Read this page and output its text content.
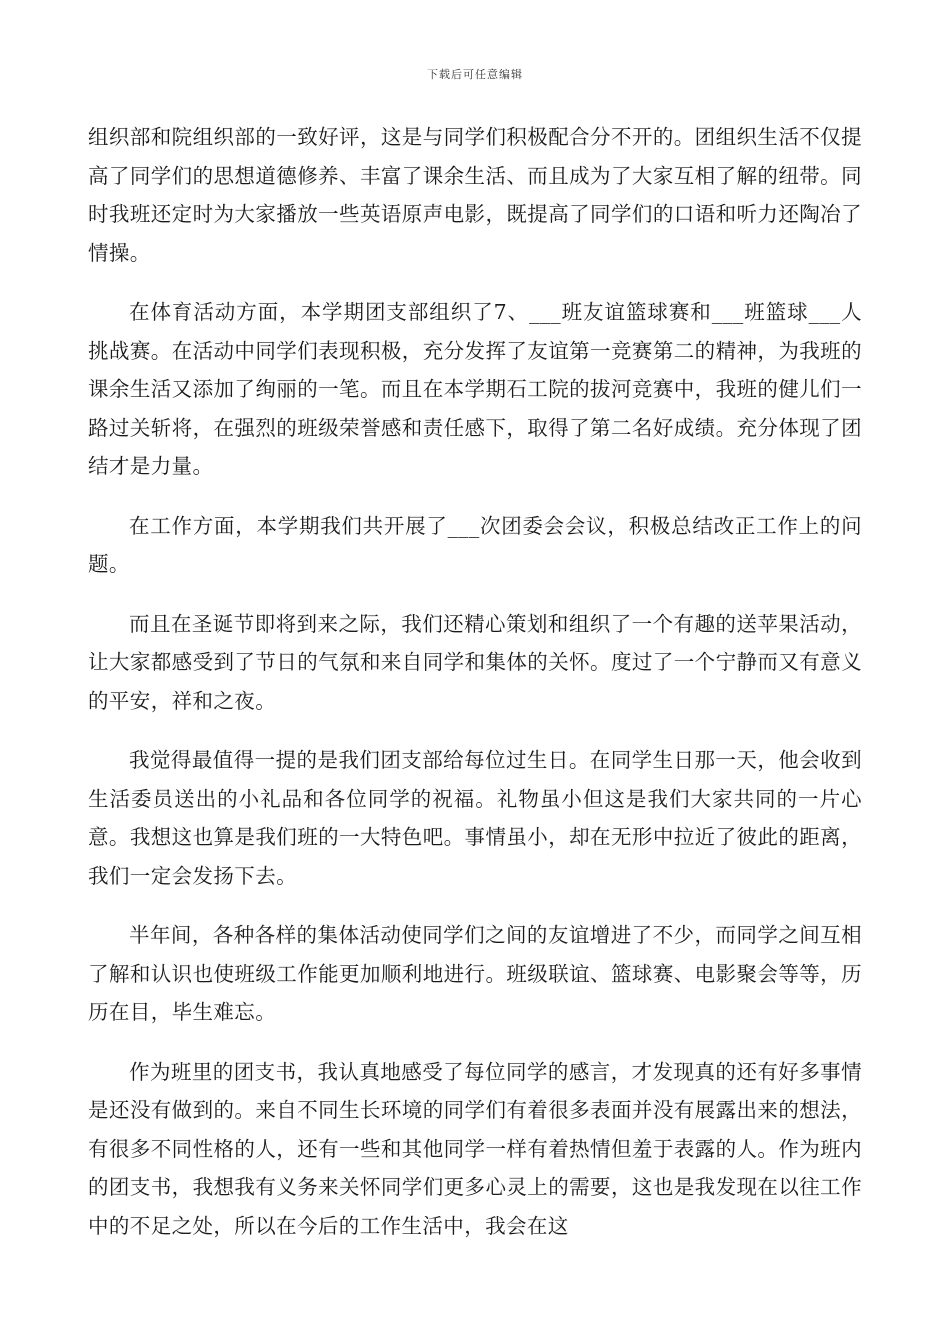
下载后可任意编辑

组织部和院组织部的一致好评，这是与同学们积极配合分不开的。团组织生活不仅提高了同学们的思想道德修养、丰富了课余生活、而且成为了大家互相了解的纽带。同时我班还定时为大家播放一些英语原声电影，既提高了同学们的口语和听力还陶冶了情操。

在体育活动方面，本学期团支部组织了7、___班友谊篮球赛和___班篮球___人挑战赛。在活动中同学们表现积极，充分发挥了友谊第一竞赛第二的精神，为我班的课余生活又添加了绚丽的一笔。而且在本学期石工院的拔河竞赛中，我班的健儿们一路过关斩将，在强烈的班级荣誉感和责任感下，取得了第二名好成绩。充分体现了团结才是力量。

在工作方面，本学期我们共开展了___次团委会会议，积极总结改正工作上的问题。

而且在圣诞节即将到来之际，我们还精心策划和组织了一个有趣的送苹果活动，让大家都感受到了节日的气氛和来自同学和集体的关怀。度过了一个宁静而又有意义的平安，祥和之夜。

我觉得最值得一提的是我们团支部给每位过生日。在同学生日那一天，他会收到生活委员送出的小礼品和各位同学的祝福。礼物虽小但这是我们大家共同的一片心意。我想这也算是我们班的一大特色吧。事情虽小，却在无形中拉近了彼此的距离，我们一定会发扬下去。

半年间，各种各样的集体活动使同学们之间的友谊增进了不少，而同学之间互相了解和认识也使班级工作能更加顺利地进行。班级联谊、篮球赛、电影聚会等等，历历在目，毕生难忘。

作为班里的团支书，我认真地感受了每位同学的感言，才发现真的还有好多事情是还没有做到的。来自不同生长环境的同学们有着很多表面并没有展露出来的想法，有很多不同性格的人，还有一些和其他同学一样有着热情但羞于表露的人。作为班内的团支书，我想我有义务来关怀同学们更多心灵上的需要，这也是我发现在以往工作中的不足之处，所以在今后的工作生活中，我会在这
